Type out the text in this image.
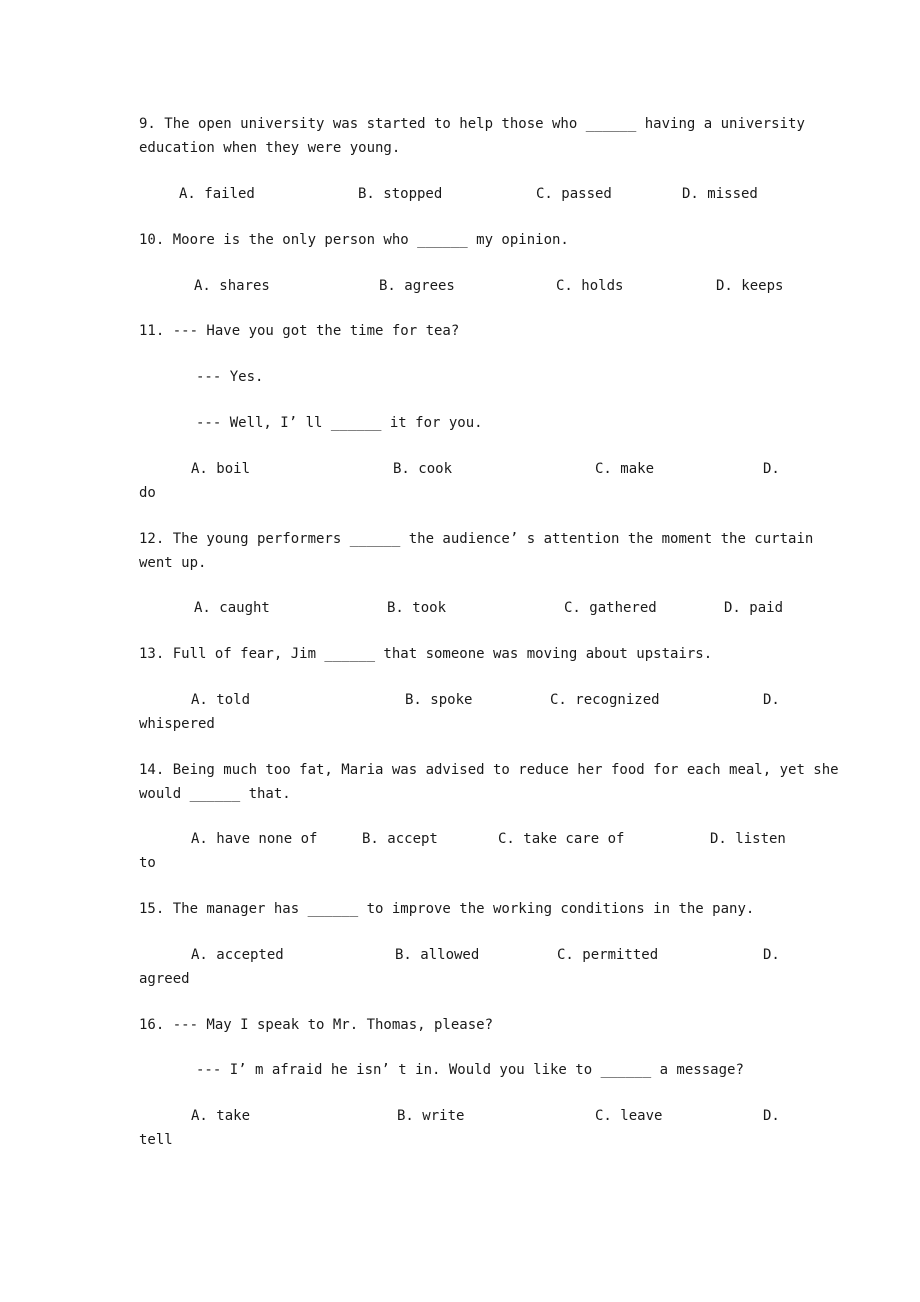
9. The open university was started to help those who ______ having a university
education when they were young.
A. failed	B. stopped	C. passed	D. missed
10. Moore is the only person who ______ my opinion.
A. shares	B. agrees	C. holds	D. keeps
11. --- Have you got the time for tea?
--- Yes.
--- Well, I’ ll ______ it for you.
A. boil	B. cook	C. make	D.
do
12. The young performers ______ the audience’ s attention the moment the curtain
went up.
A. caught	B. took	C. gathered	D. paid
13. Full of fear, Jim ______ that someone was moving about upstairs.
A. told	B. spoke	C. recognized	D.
whispered
14. Being much too fat, Maria was advised to reduce her food for each meal, yet she
would ______ that.
A. have none of	B. accept	C. take care of	D. listen
to
15. The manager has ______ to improve the working conditions in the pany.
A. accepted	B. allowed	C. permitted	D.
agreed
16. --- May I speak to Mr. Thomas, please?
--- I’ m afraid he isn’ t in. Would you like to ______ a message?
A. take	B. write	C. leave	D.
tell
